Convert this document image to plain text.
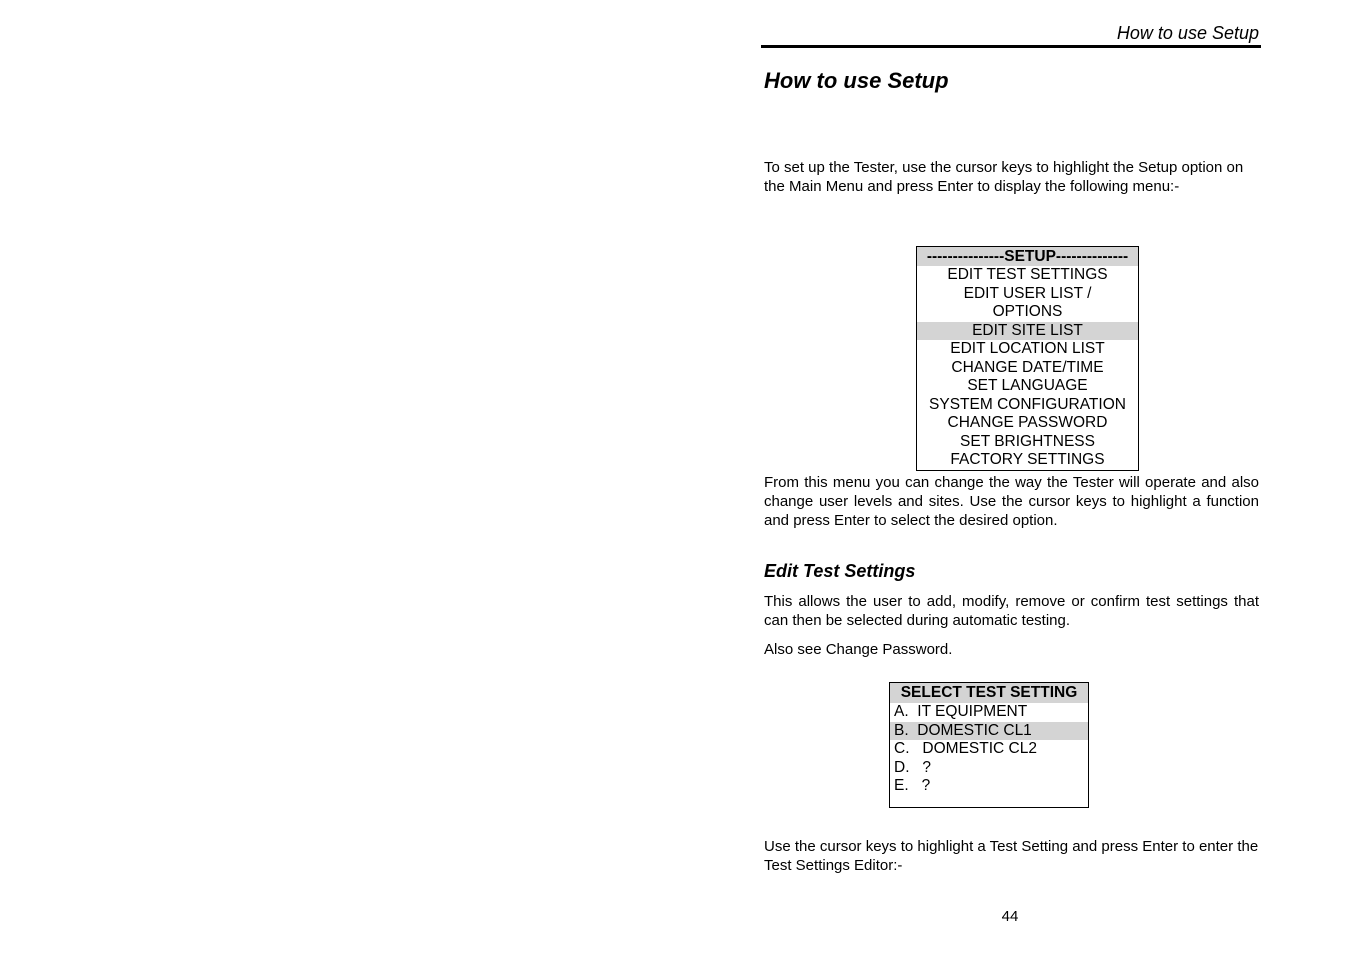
How to use Setup
How to use Setup

To set up the Tester, use the cursor keys to highlight the Setup option on the Main Menu and press Enter to display the following menu:-

---------------SETUP--------------
EDIT TEST SETTINGS
EDIT USER LIST /
OPTIONS
EDIT SITE LIST
EDIT LOCATION LIST
CHANGE DATE/TIME
SET LANGUAGE
SYSTEM CONFIGURATION
CHANGE PASSWORD
SET BRIGHTNESS
FACTORY SETTINGS

From this menu you can change the way the Tester will operate and also change user levels and sites. Use the cursor keys to highlight a function and press Enter to select the desired option.

Edit Test Settings

This allows the user to add, modify, remove or confirm test settings that can then be selected during automatic testing.

Also see Change Password.

SELECT TEST SETTING
A.  IT EQUIPMENT
B.  DOMESTIC CL1
C.   DOMESTIC CL2
D.   ?
E.   ?

Use the cursor keys to highlight a Test Setting and press Enter to enter the Test Settings Editor:-

44
